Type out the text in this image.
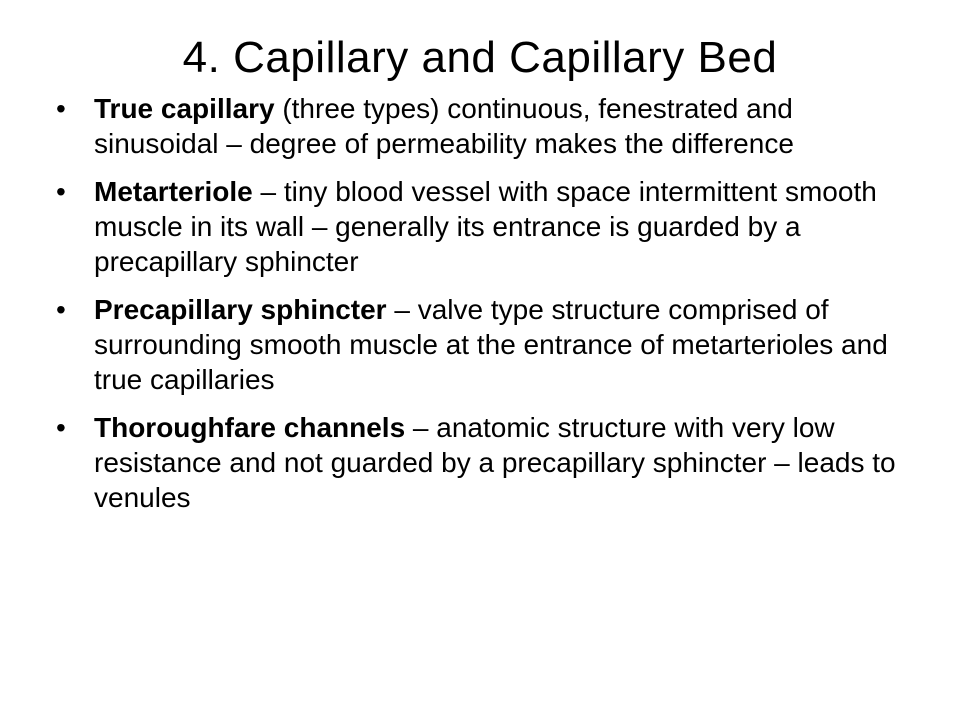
4. Capillary and Capillary Bed
•	True capillary (three types) continuous, fenestrated and sinusoidal – degree of permeability makes the difference
•	Metarteriole – tiny blood vessel with space intermittent smooth muscle in its wall – generally its entrance is guarded by a precapillary sphincter
•	Precapillary sphincter – valve type structure comprised of surrounding smooth muscle at the entrance of metarterioles and true capillaries
•	Thoroughfare channels – anatomic structure with very low resistance and not guarded by a precapillary sphincter – leads to venules
